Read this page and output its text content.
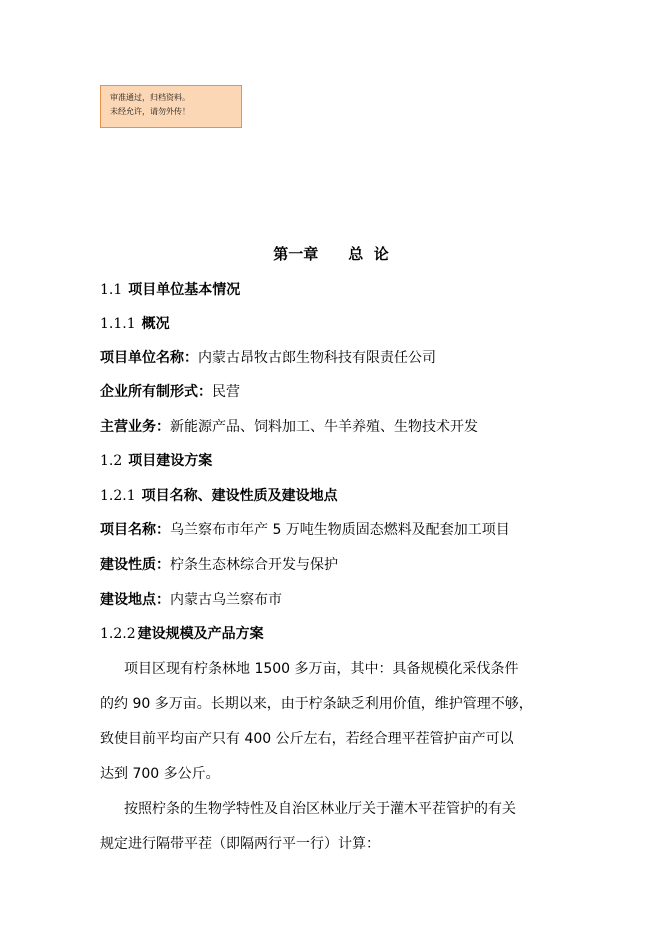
审准通过，归档资料。
未经允许，请勿外传！
第一章　　总  论
1.1 项目单位基本情况
1.1.1 概况
项目单位名称：内蒙古昂牧古郎生物科技有限责任公司
企业所有制形式：民营
主营业务：新能源产品、饲料加工、牛羊养殖、生物技术开发
1.2 项目建设方案
1.2.1 项目名称、建设性质及建设地点
项目名称：乌兰察布市年产 5 万吨生物质固态燃料及配套加工项目
建设性质：柠条生态林综合开发与保护
建设地点：内蒙古乌兰察布市
1.2.2 建设规模及产品方案
项目区现有柠条林地 1500 多万亩，其中：具备规模化采伐条件
的约 90 多万亩。长期以来，由于柠条缺乏利用价值，维护管理不够，
致使目前平均亩产只有 400 公斤左右，若经合理平茬管护亩产可以
达到 700 多公斤。
按照柠条的生物学特性及自治区林业厅关于灌木平茬管护的有关
规定进行隔带平茬（即隔两行平一行）计算：
